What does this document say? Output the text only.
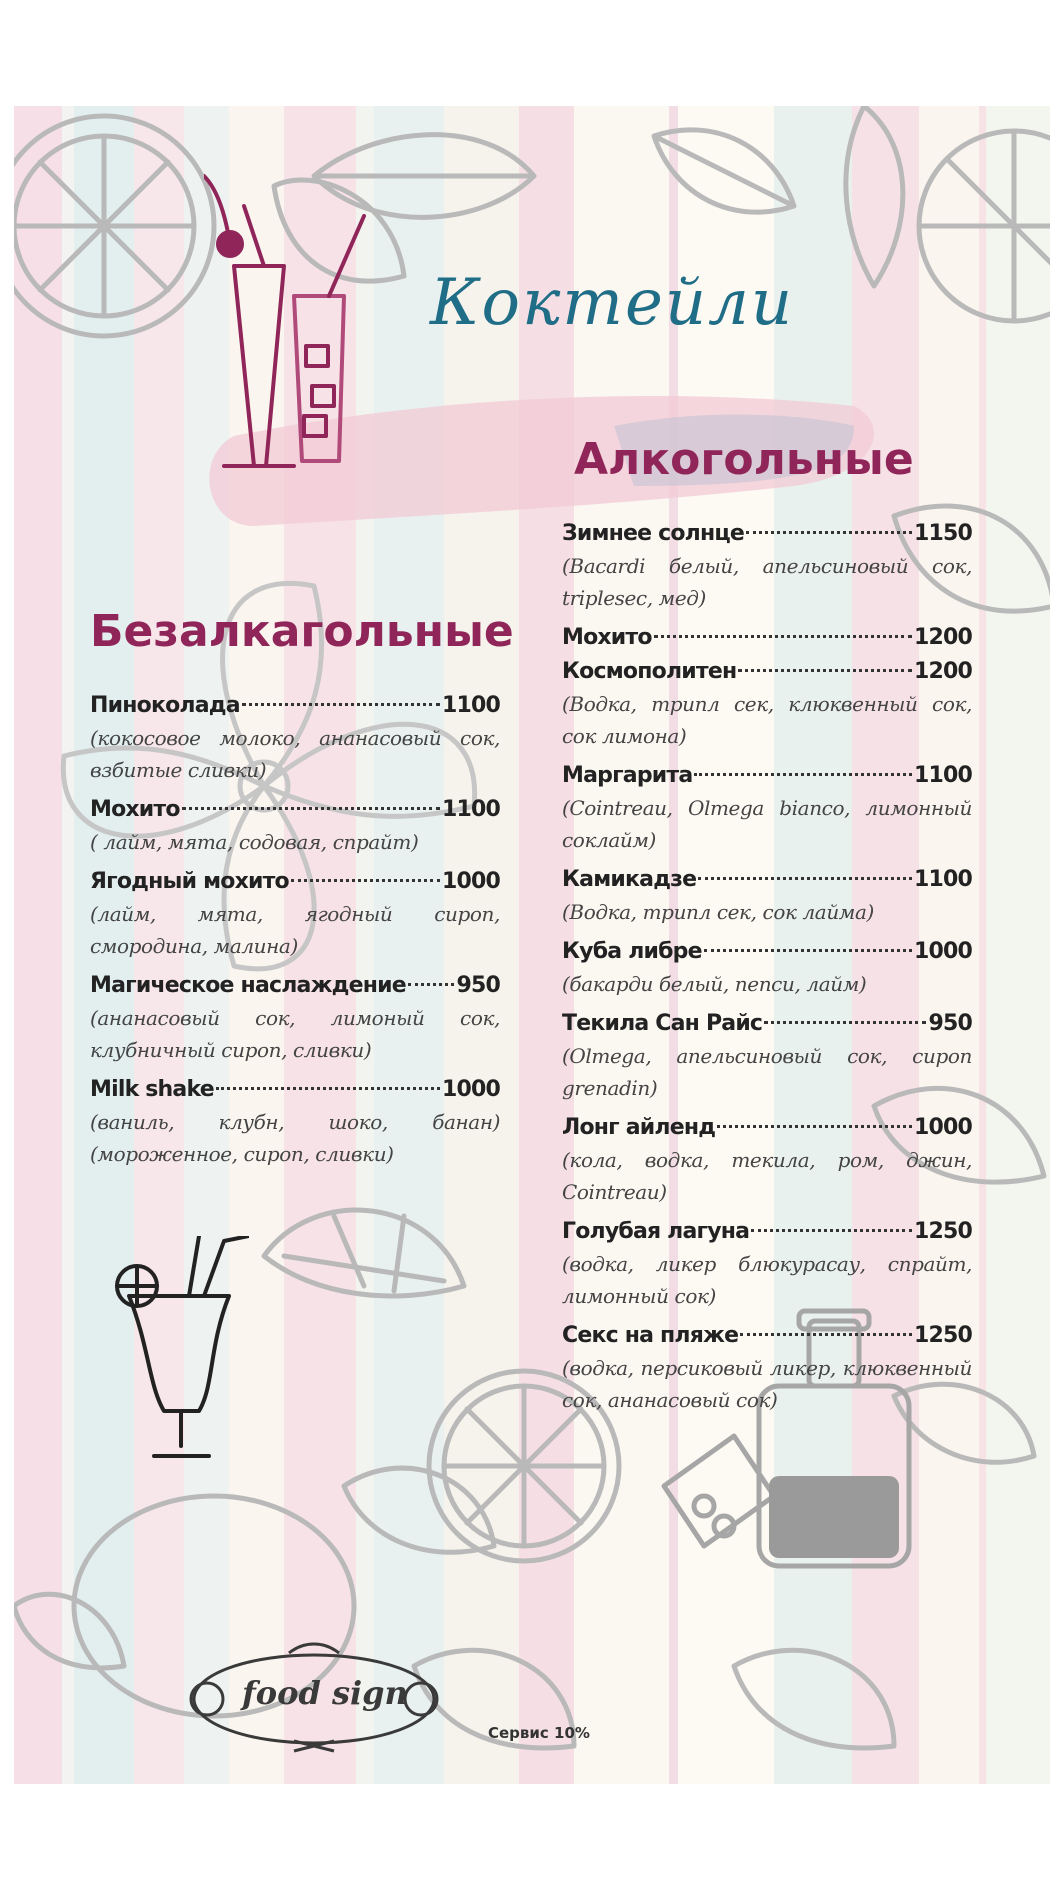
food sign
Коктейли
Безалкагольные
Пиноколада	1100
(кокосовое молоко, ананасовый сок, взбитые сливки)
Мохито	1100
( лайм, мята, содовая, спрайт)
Ягодный мохито	1000
(лайм, мята, ягодный сироп, смородина, малина)
Магическое наслаждение 950
(ананасовый сок, лимоный сок, клубничный сироп, сливки)
Milk shake	1000
(ваниль, клубн, шоко, банан) (мороженное, сироп, сливки)
Алкогольные
Зимнее солнце	1150
(Bacardi белый, апельсиновый сок, triplesec, мед)
Мохито	1200
Космополитен	1200
(Водка, трипл сек, клюквенный сок, сок лимона)
Маргарита	1100
(Cointreau, Olmega bianco, лимонный соклайм)
Камикадзе	1100
(Водка, трипл сек, сок лайма)
Куба либре	1000
(бакарди белый, пепси, лайм)
Текила Сан Райс	950
(Olmega, апельсиновый сок, сироп grenadin)
Лонг айленд	1000
(кола, водка, текила, ром, джин, Cointreau)
Голубая лагуна	1250
(водка, ликер блюкурасау, спрайт, лимонный сок)
Секс на пляже	1250
(водка, персиковый ликер, клюквенный сок, ананасовый сок)
Сервис 10%
